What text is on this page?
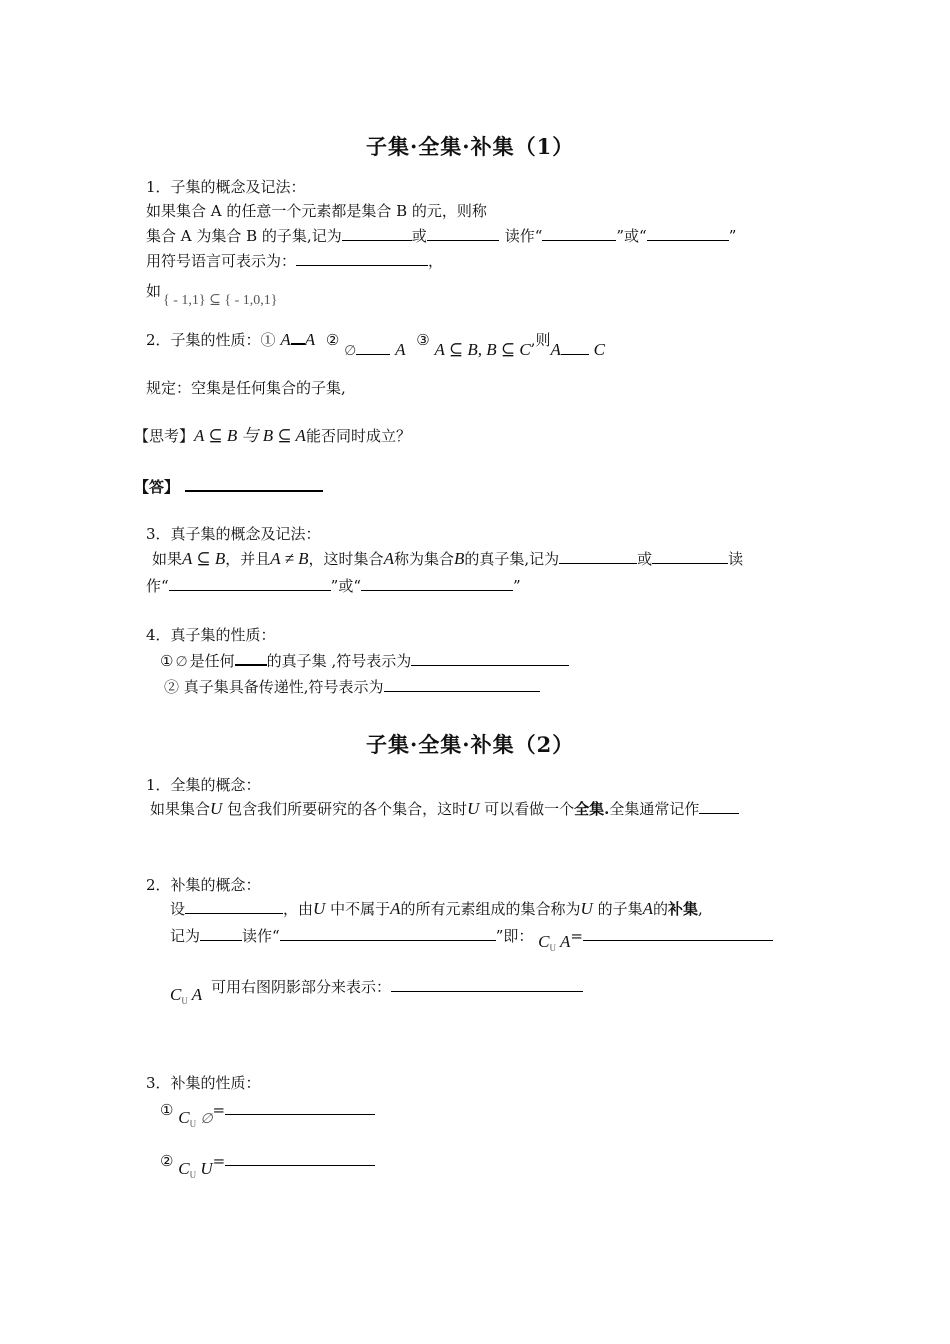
子集·全集·补集（1）
1．子集的概念及记法：
如果集合 A 的任意一个元素都是集合 B 的元，则称
集合 A 为集合 B 的子集,记为	或	读作“	”或“	”
用符号语言可表示为：	，
如{ - 1,1} ⊆ { - 1,0,1}
2．子集的性质：① A A ② ∅ A ③ A ⊆ B, B ⊆ C,则A C
规定：空集是任何集合的子集,
【思考】A ⊆ B 与 B ⊆ A能否同时成立？
【答】
3．真子集的概念及记法：
如果A ⊆ B，并且A ≠ B，这时集合A称为集合B的真子集,记为	或	读
作“	”或“	”
4．真子集的性质：
① ∅ 是任何 的真子集 ,符号表示为
② 真子集具备传递性,符号表示为
子集·全集·补集（2）
1．全集的概念：
如果集合U 包含我们所要研究的各个集合，这时U 可以看做一个全集.全集通常记作
2．补集的概念：
设	，由U 中不属于A的所有元素组成的集合称为U 的子集A的补集,
记为	读作“	”即： $C_U$ A=
$C_U$ A 可用右图阴影部分来表示：
3．补集的性质：
① $C_U$ ∅=
② $C_U$ U=
